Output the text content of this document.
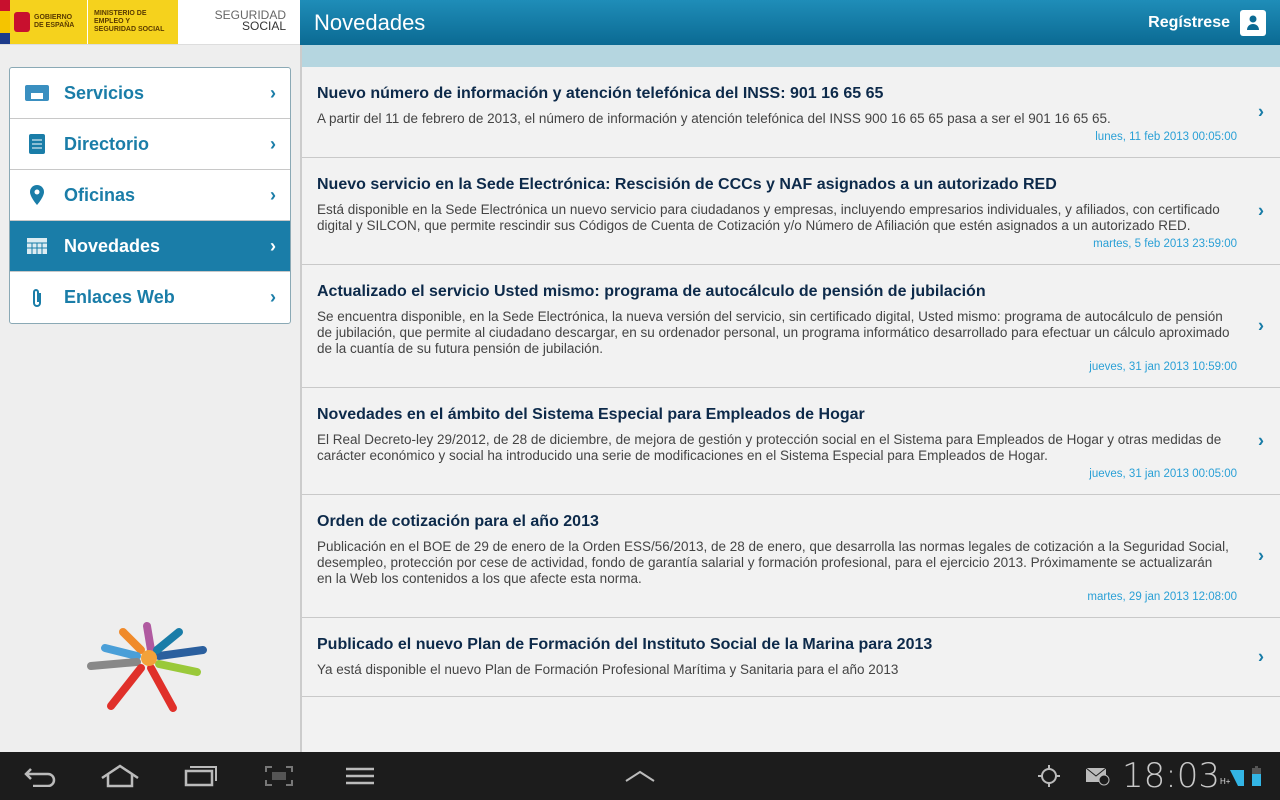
GOBIERNO DE ESPAÑA
MINISTERIO DE EMPLEO Y SEGURIDAD SOCIAL
SEGURIDAD
SOCIAL Novedades	Regístrese
Servicios	›
Directorio	›
Oficinas	›
Novedades	›
Enlaces Web	›
Nuevo número de información y atención telefónica del INSS: 901 16 65 65

A partir del 11 de febrero de 2013, el número de información y atención telefónica del INSS 900 16 65 65 pasa a ser el 901 16 65 65.

lunes, 11 feb 2013 00:05:00
›
Nuevo servicio en la Sede Electrónica: Rescisión de CCCs y NAF asignados a un autorizado RED

Está disponible en la Sede Electrónica un nuevo servicio para ciudadanos y empresas, incluyendo empresarios individuales, y afiliados, con certificado digital y SILCON, que permite rescindir sus Códigos de Cuenta de Cotización y/o Número de Afiliación que estén asignados a un autorizado RED.

martes, 5 feb 2013 23:59:00
›
Actualizado el servicio Usted mismo: programa de autocálculo de pensión de jubilación

Se encuentra disponible, en la Sede Electrónica, la nueva versión del servicio, sin certificado digital, Usted mismo: programa de autocálculo de pensión de jubilación, que permite al ciudadano descargar, en su ordenador personal, un programa informático desarrollado para efectuar un cálculo aproximado de la cuantía de su futura pensión de jubilación.

jueves, 31 jan 2013 10:59:00
›
Novedades en el ámbito del Sistema Especial para Empleados de Hogar

El Real Decreto-ley 29/2012, de 28 de diciembre, de mejora de gestión y protección social en el Sistema para Empleados de Hogar y otras medidas de carácter económico y social ha introducido una serie de modificaciones en el Sistema Especial para Empleados de Hogar.

jueves, 31 jan 2013 00:05:00
›
Orden de cotización para el año 2013

Publicación en el BOE de 29 de enero de la Orden ESS/56/2013, de 28 de enero, que desarrolla las normas legales de cotización a la Seguridad Social, desempleo, protección por cese de actividad, fondo de garantía salarial y formación profesional, para el ejercicio 2013. Próximamente se actualizarán en la Web los contenidos a los que afecte esta norma.

martes, 29 jan 2013 12:08:00
›
Publicado el nuevo Plan de Formación del Instituto Social de la Marina para 2013

Ya está disponible el nuevo Plan de Formación Profesional Marítima y Sanitaria para el año 2013

›
18:03 H+
